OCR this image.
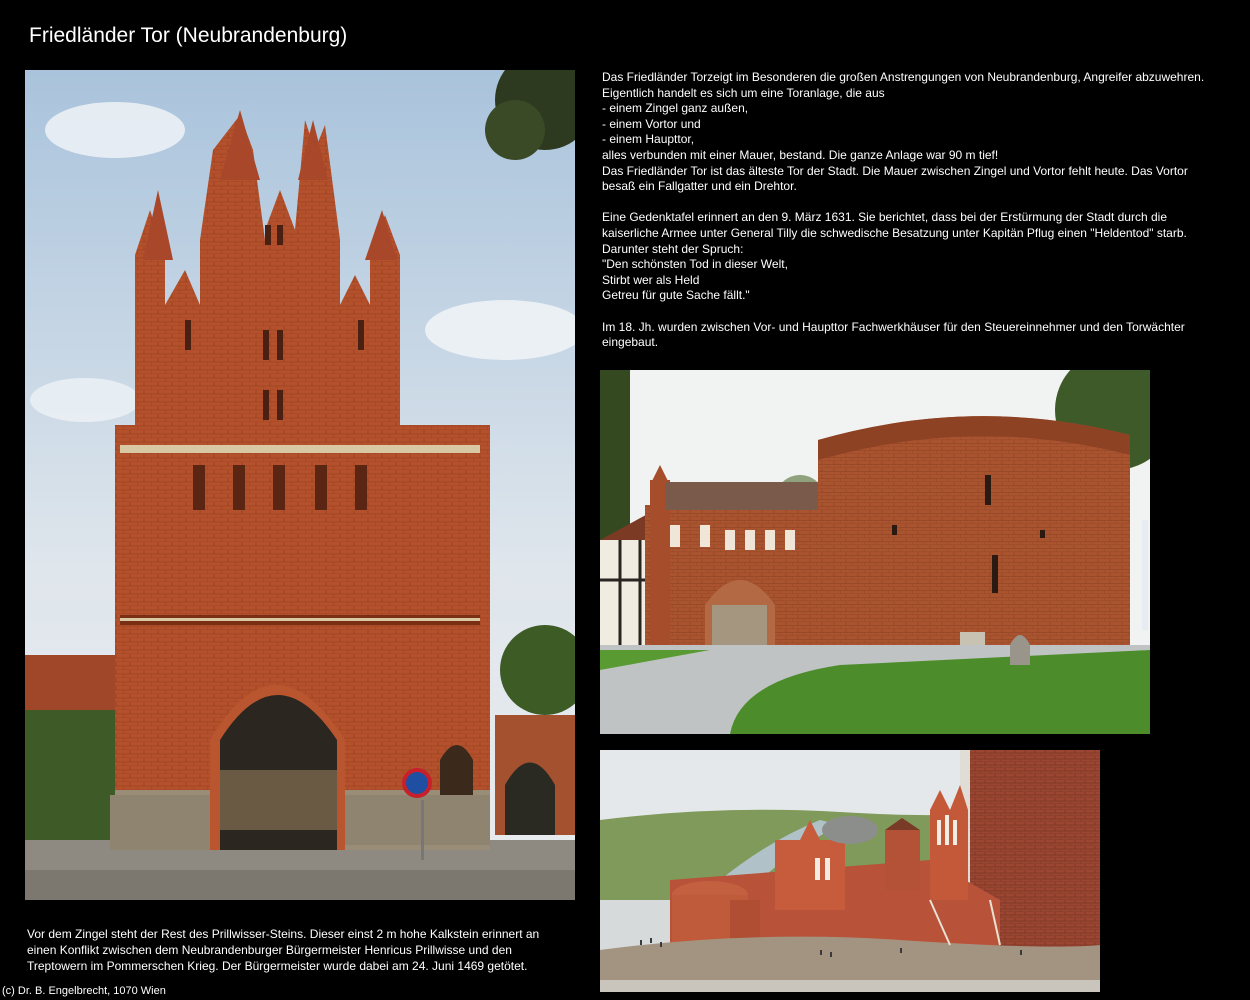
Friedländer Tor (Neubrandenburg)

Das Friedländer Torzeigt im Besonderen die großen Anstrengungen von Neubrandenburg, Angreifer abzuwehren.

Eigentlich handelt es sich um eine Toranlage, die aus

- einem Zingel ganz außen,

- einem Vortor und

- einem Haupttor,

alles verbunden mit einer Mauer, bestand. Die ganze Anlage war 90 m tief!

Das Friedländer Tor ist das älteste Tor der Stadt. Die Mauer zwischen Zingel und Vortor fehlt heute. Das Vortor

besaß ein Fallgatter und ein Drehtor.

Eine Gedenktafel erinnert an den 9. März 1631. Sie berichtet, dass bei der Erstürmung der Stadt durch die

kaiserliche Armee unter General Tilly die schwedische Besatzung unter Kapitän Pflug einen "Heldentod" starb.

Darunter steht der Spruch:

"Den schönsten Tod in dieser Welt,

Stirbt wer als Held

Getreu für gute Sache fällt."

Im 18. Jh. wurden zwischen Vor- und Haupttor Fachwerkhäuser für den Steuereinnehmer und den Torwächter

eingebaut.

Vor dem Zingel steht der Rest des Prillwisser-Steins. Dieser einst 2 m hohe Kalkstein erinnert an
einen Konflikt zwischen dem Neubrandenburger Bürgermeister Henricus Prillwisse und den
Treptowern im Pommerschen Krieg. Der Bürgermeister wurde dabei am 24. Juni 1469 getötet.

(c) Dr. B. Engelbrecht, 1070 Wien
